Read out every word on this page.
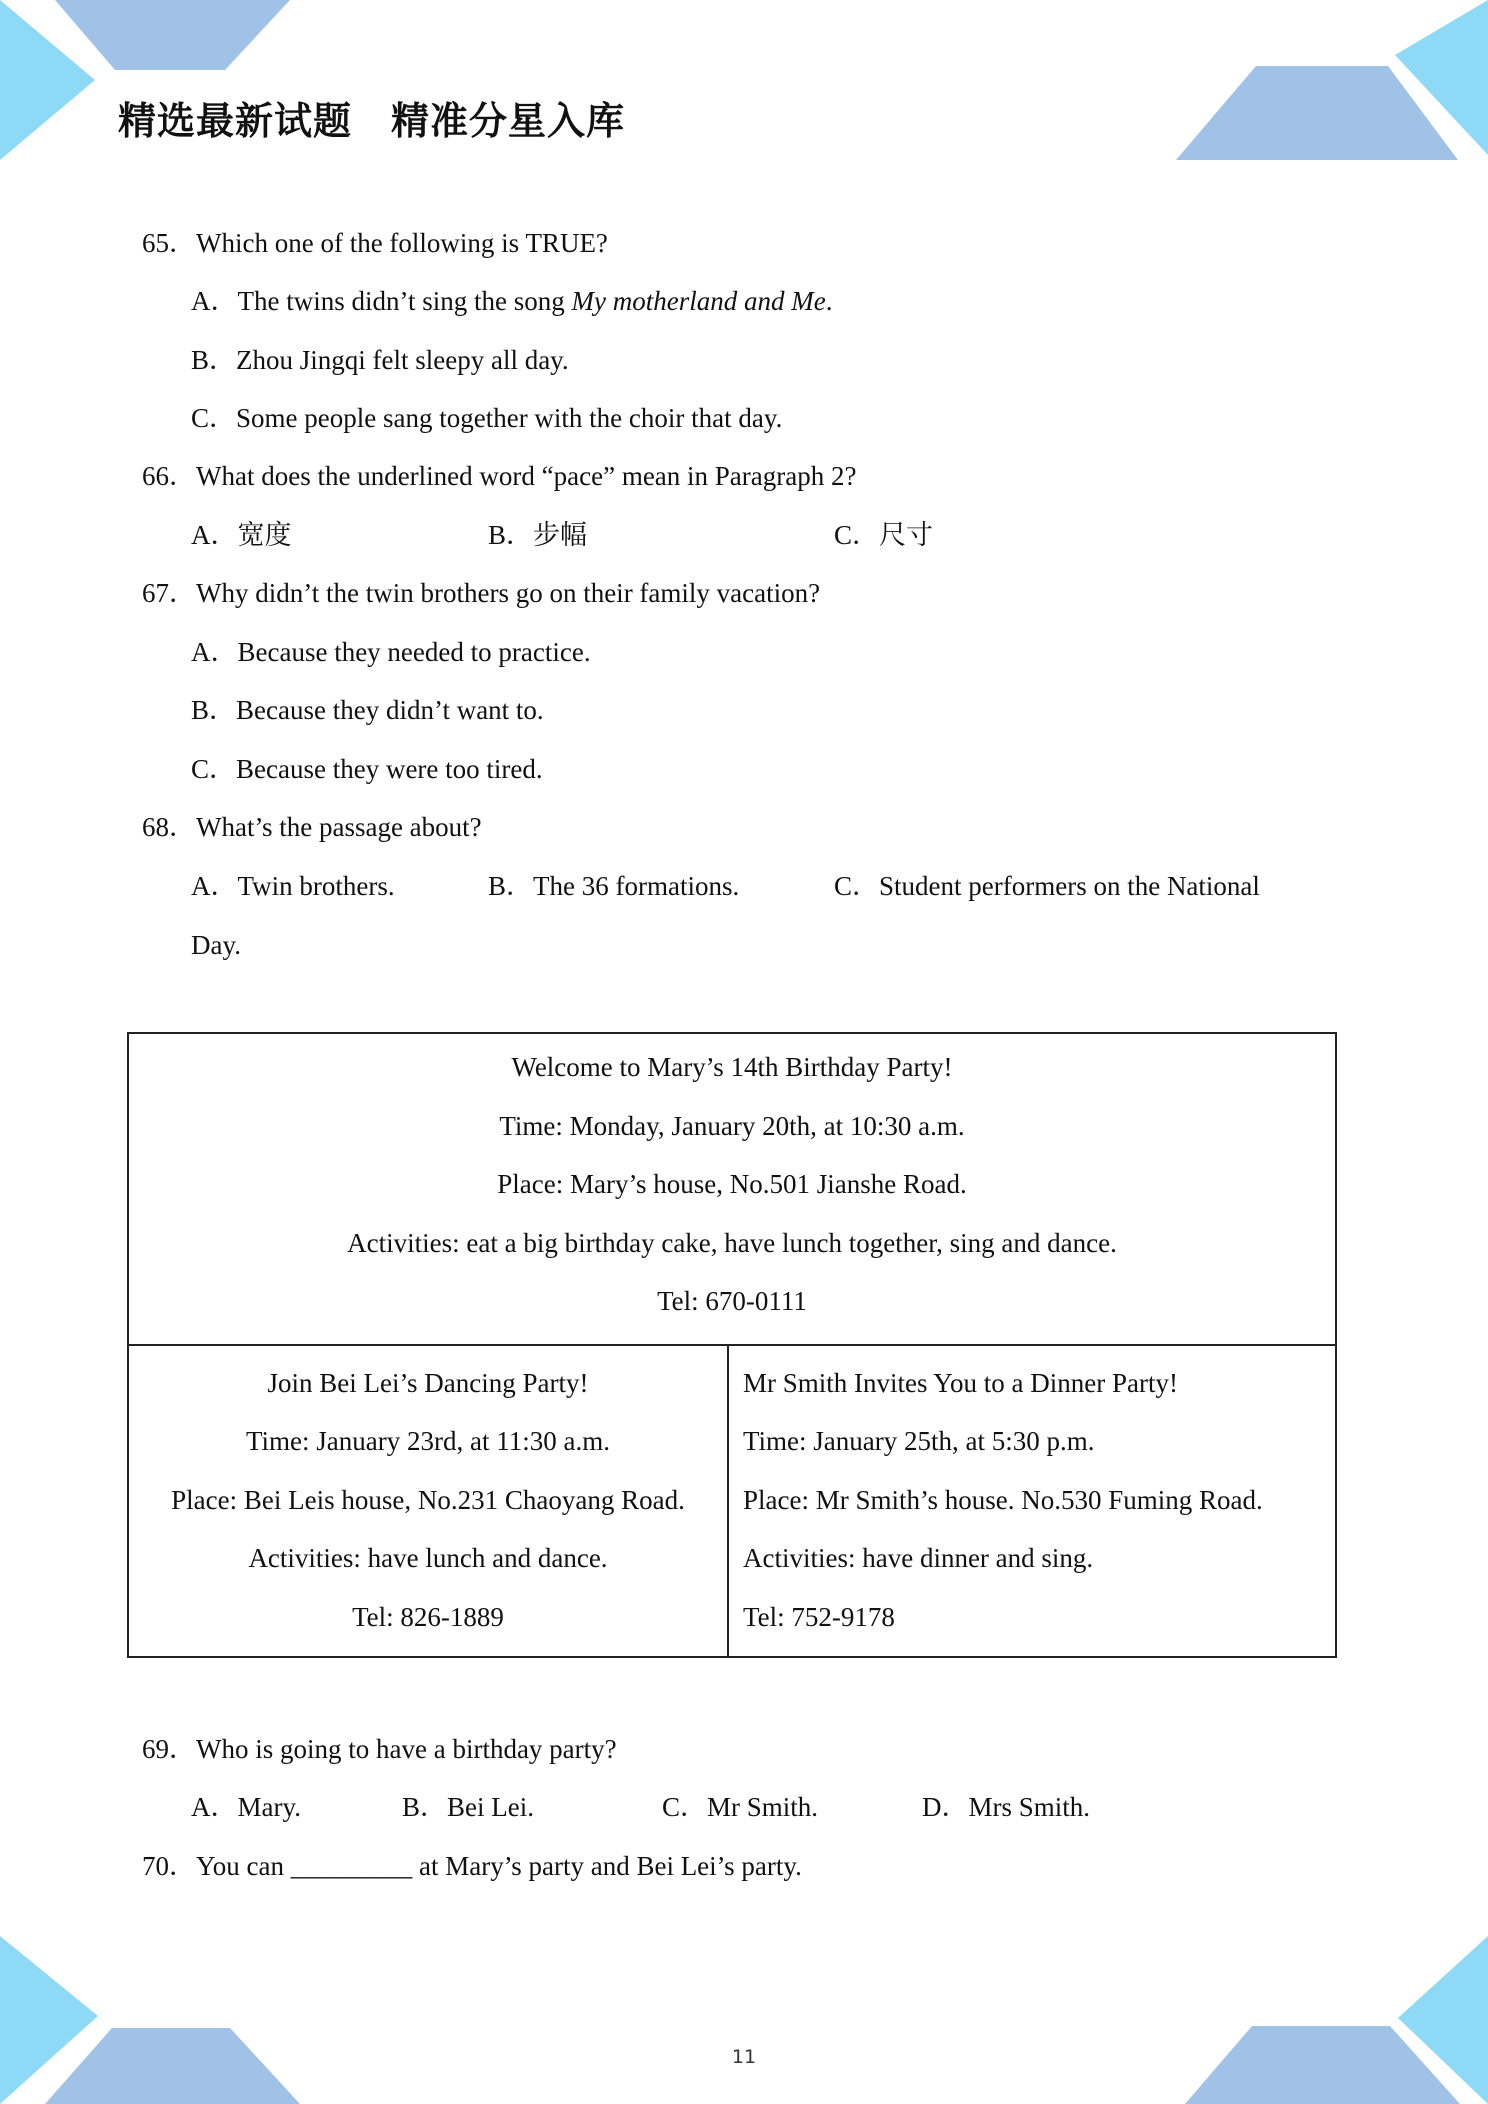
精选最新试题　精准分星入库
65．Which one of the following is TRUE?
A．The twins didn’t sing the song My motherland and Me.
B．Zhou Jingqi felt sleepy all day.
C．Some people sang together with the choir that day.
66．What does the underlined word “pace” mean in Paragraph 2?
A．宽度	B．步幅	C．尺寸
67．Why didn’t the twin brothers go on their family vacation?
A．Because they needed to practice.
B．Because they didn’t want to.
C．Because they were too tired.
68．What’s the passage about?
A．Twin brothers.	B．The 36 formations.	C．Student performers on the National
Day.
Welcome to Mary’s 14th Birthday Party!
Time: Monday, January 20th, at 10:30 a.m.
Place: Mary’s house, No.501 Jianshe Road.
Activities: eat a big birthday cake, have lunch together, sing and dance.
Tel: 670-0111
Join Bei Lei’s Dancing Party!
Time: January 23rd, at 11:30 a.m.
Place: Bei Leis house, No.231 Chaoyang Road.
Activities: have lunch and dance.
Tel: 826-1889
Mr Smith Invites You to a Dinner Party!
Time: January 25th, at 5:30 p.m.
Place: Mr Smith’s house. No.530 Fuming Road.
Activities: have dinner and sing.
Tel: 752-9178
69．Who is going to have a birthday party?
A．Mary.	B．Bei Lei.	C．Mr Smith.	D．Mrs Smith.
70．You can _________ at Mary’s party and Bei Lei’s party.
11
